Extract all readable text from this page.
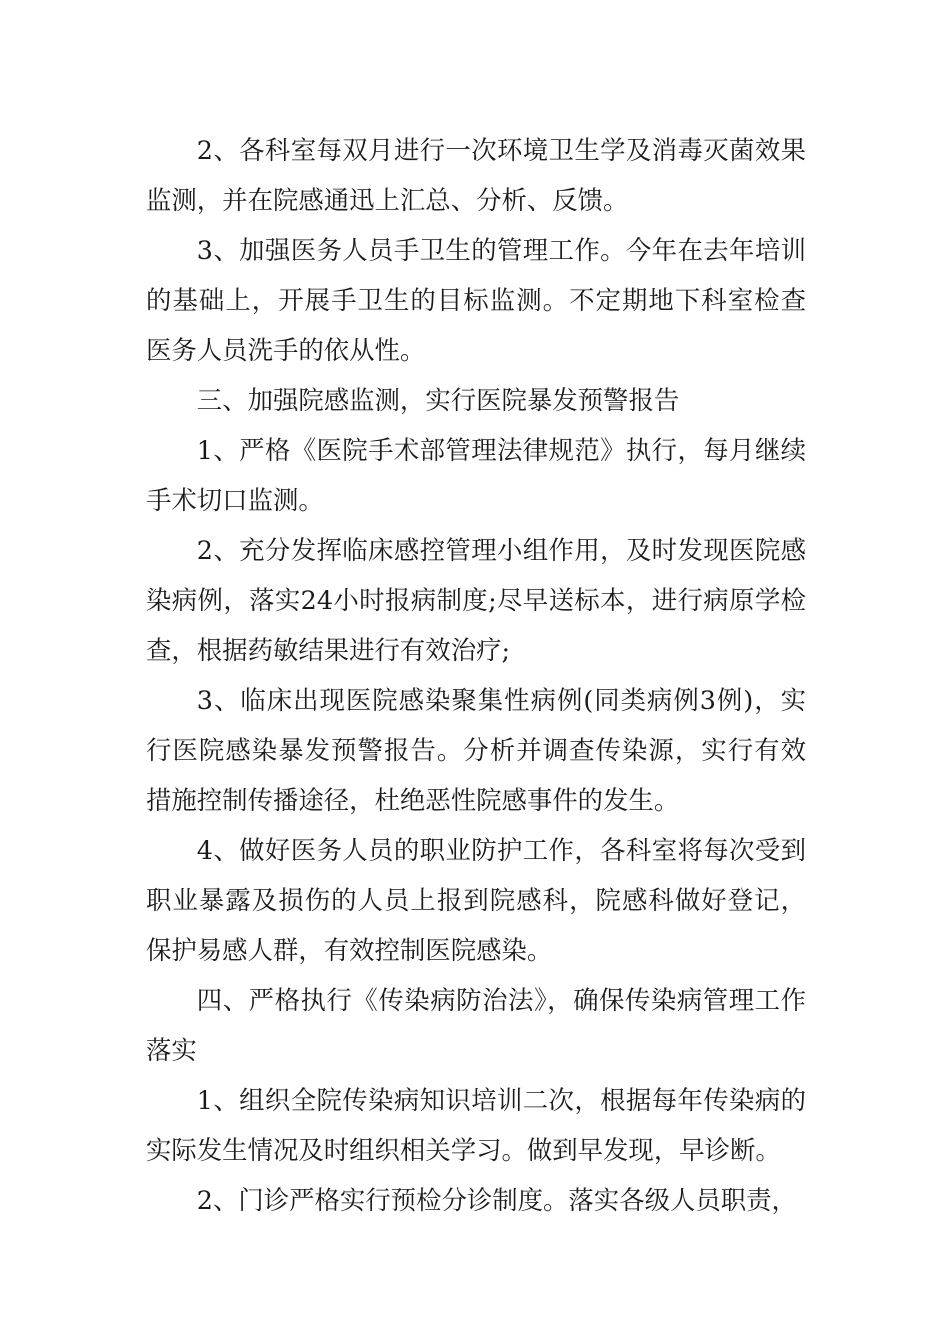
2、各科室每双月进行一次环境卫生学及消毒灭菌效果监测，并在院感通迅上汇总、分析、反馈。

3、加强医务人员手卫生的管理工作。今年在去年培训的基础上，开展手卫生的目标监测。不定期地下科室检查医务人员洗手的依从性。

三、加强院感监测，实行医院暴发预警报告

1、严格《医院手术部管理法律规范》执行，每月继续手术切口监测。

2、充分发挥临床感控管理小组作用，及时发现医院感染病例，落实24小时报病制度;尽早送标本，进行病原学检查，根据药敏结果进行有效治疗;

3、临床出现医院感染聚集性病例(同类病例3例)，实行医院感染暴发预警报告。分析并调查传染源，实行有效措施控制传播途径，杜绝恶性院感事件的发生。

4、做好医务人员的职业防护工作，各科室将每次受到职业暴露及损伤的人员上报到院感科，院感科做好登记，保护易感人群，有效控制医院感染。

四、严格执行《传染病防治法》，确保传染病管理工作落实

1、组织全院传染病知识培训二次，根据每年传染病的实际发生情况及时组织相关学习。做到早发现，早诊断。

2、门诊严格实行预检分诊制度。落实各级人员职责，
